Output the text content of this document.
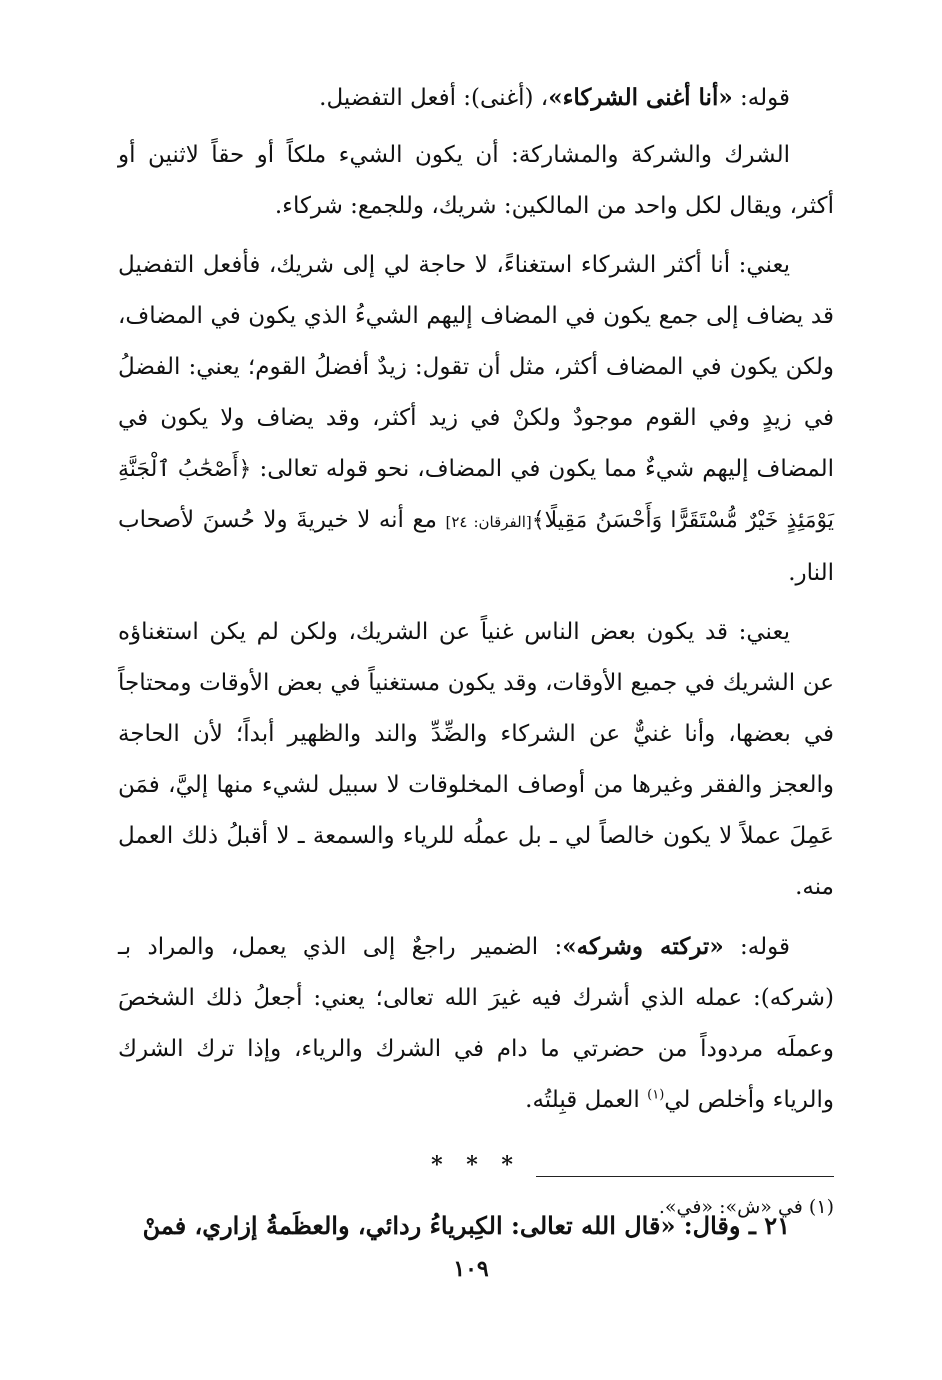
قوله: «أنا أغنى الشركاء»، (أغنى): أفعل التفضيل.

الشرك والشركة والمشاركة: أن يكون الشيء ملكاً أو حقاً لاثنين أو أكثر، ويقال لكل واحد من المالكين: شريك، وللجمع: شركاء.

يعني: أنا أكثر الشركاء استغناءً، لا حاجة لي إلى شريك، فأفعل التفضيل قد يضاف إلى جمع يكون في المضاف إليهم الشيءُ الذي يكون في المضاف، ولكن يكون في المضاف أكثر، مثل أن تقول: زيدٌ أفضلُ القوم؛ يعني: الفضلُ في زيدٍ وفي القوم موجودٌ ولكنْ في زيد أكثر، وقد يضاف ولا يكون في المضاف إليهم شيءٌ مما يكون في المضاف، نحو قوله تعالى: ﴿أَصْحَٰبُ ٱلْجَنَّةِ يَوْمَئِذٍ خَيْرٌ مُّسْتَقَرًّا وَأَحْسَنُ مَقِيلًا﴾[الفرقان: ٢٤] مع أنه لا خيريةَ ولا حُسنَ لأصحاب النار.

يعني: قد يكون بعض الناس غنياً عن الشريك، ولكن لم يكن استغناؤه عن الشريك في جميع الأوقات، وقد يكون مستغنياً في بعض الأوقات ومحتاجاً في بعضها، وأنا غنيٌّ عن الشركاء والضِّدِّ والند والظهير أبداً؛ لأن الحاجة والعجز والفقر وغيرها من أوصاف المخلوقات لا سبيل لشيء منها إليَّ، فمَن عَمِلَ عملاً لا يكون خالصاً لي ـ بل عملُه للرياء والسمعة ـ لا أقبلُ ذلك العمل منه.

قوله: «تركته وشركه»: الضمير راجعٌ إلى الذي يعمل، والمراد بـ (شركه): عمله الذي أشرك فيه غيرَ الله تعالى؛ يعني: أجعلُ ذلك الشخصَ وعملَه مردوداً من حضرتي ما دام في الشرك والرياء، وإذا ترك الشرك والرياء وأخلص لي$^{(١)}$ العمل قبِلتُه.

* * *

٢١ ـ وقال: «قال الله تعالى: الكِبرياءُ ردائي، والعظَمةُ إزاري، فمنْ

(١) في «ش»: «في».
١٠٩
